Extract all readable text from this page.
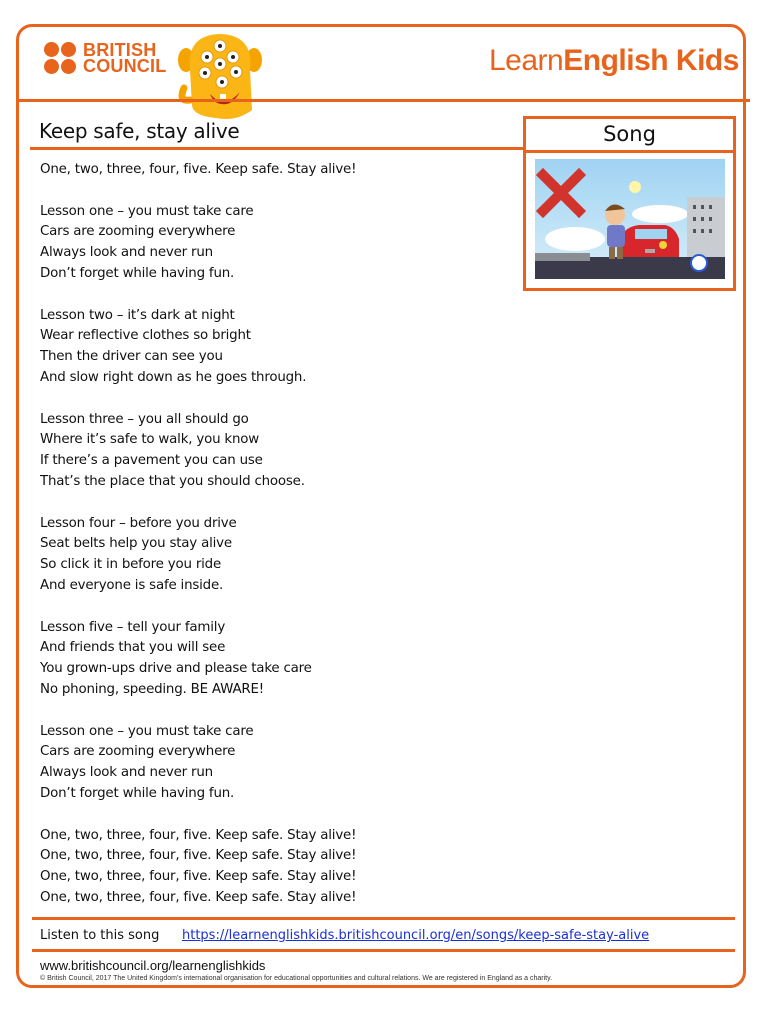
BRITISH
COUNCIL	LearnEnglish Kids
Keep safe, stay alive	Song
One, two, three, four, five. Keep safe. Stay alive!
Lesson one – you must take care
Cars are zooming everywhere
Always look and never run
Don’t forget while having fun.
Lesson two – it’s dark at night
Wear reflective clothes so bright
Then the driver can see you
And slow right down as he goes through.
Lesson three – you all should go
Where it’s safe to walk, you know
If there’s a pavement you can use
That’s the place that you should choose.
Lesson four – before you drive
Seat belts help you stay alive
So click it in before you ride
And everyone is safe inside.
Lesson five – tell your family
And friends that you will see
You grown-ups drive and please take care
No phoning, speeding. BE AWARE!
Lesson one – you must take care
Cars are zooming everywhere
Always look and never run
Don’t forget while having fun.
One, two, three, four, five. Keep safe. Stay alive!
One, two, three, four, five. Keep safe. Stay alive!
One, two, three, four, five. Keep safe. Stay alive!
One, two, three, four, five. Keep safe. Stay alive!
Listen to this song https://learnenglishkids.britishcouncil.org/en/songs/keep-safe-stay-alive
www.britishcouncil.org/learnenglishkids
© British Council, 2017 The United Kingdom’s international organisation for educational opportunities and cultural relations. We are registered in England as a charity.
